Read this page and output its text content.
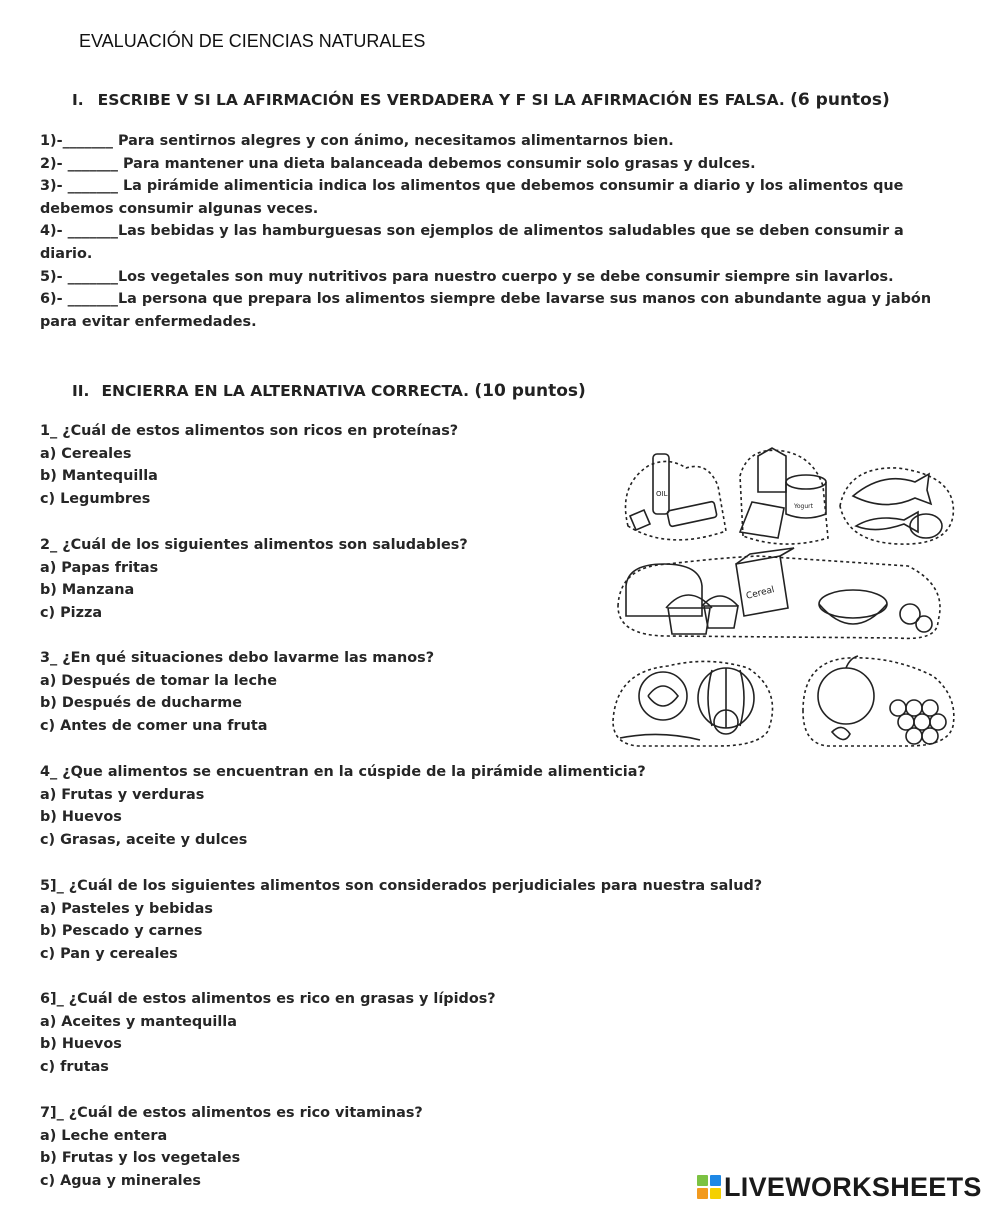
EVALUACIÓN DE CIENCIAS NATURALES
I. ESCRIBE V SI LA AFIRMACIÓN ES VERDADERA Y F SI LA AFIRMACIÓN ES FALSA. (6 puntos)

1)-_______ Para sentirnos alegres y con ánimo, necesitamos alimentarnos bien.

2)- _______ Para mantener una dieta balanceada debemos consumir solo grasas y dulces.

3)- _______ La pirámide alimenticia indica los alimentos que debemos consumir a diario y los alimentos que debemos consumir algunas veces.

4)- _______Las bebidas y las hamburguesas son ejemplos de alimentos saludables que se deben consumir a diario.

5)- _______Los vegetales son muy nutritivos para nuestro cuerpo y se debe consumir siempre sin lavarlos.

6)- _______La persona que prepara los alimentos siempre debe lavarse sus manos con abundante agua y jabón para evitar enfermedades.

II. ENCIERRA EN LA ALTERNATIVA CORRECTA. (10 puntos)

1_ ¿Cuál de estos alimentos son ricos en proteínas?

a) Cereales

b) Mantequilla

c) Legumbres

2_ ¿Cuál de los siguientes alimentos son saludables?

a) Papas fritas

b) Manzana

c) Pizza

3_ ¿En qué situaciones debo lavarme las manos?

a) Después de tomar la leche

b) Después de ducharme

c) Antes de comer una fruta

4_ ¿Que alimentos se encuentran en la cúspide de la pirámide alimenticia?

a) Frutas y verduras

b) Huevos

c) Grasas, aceite y dulces

5]_ ¿Cuál de los siguientes alimentos son considerados perjudiciales para nuestra salud?

a) Pasteles y bebidas

b) Pescado y carnes

c) Pan y cereales

6]_ ¿Cuál de estos alimentos es rico en grasas y lípidos?

a) Aceites y mantequilla

b) Huevos

c) frutas

7]_ ¿Cuál de estos alimentos es rico vitaminas?

a) Leche entera

b) Frutas y los vegetales

c) Agua y minerales

OIL
Yogurt
Cereal
LIVEWORKSHEETS
